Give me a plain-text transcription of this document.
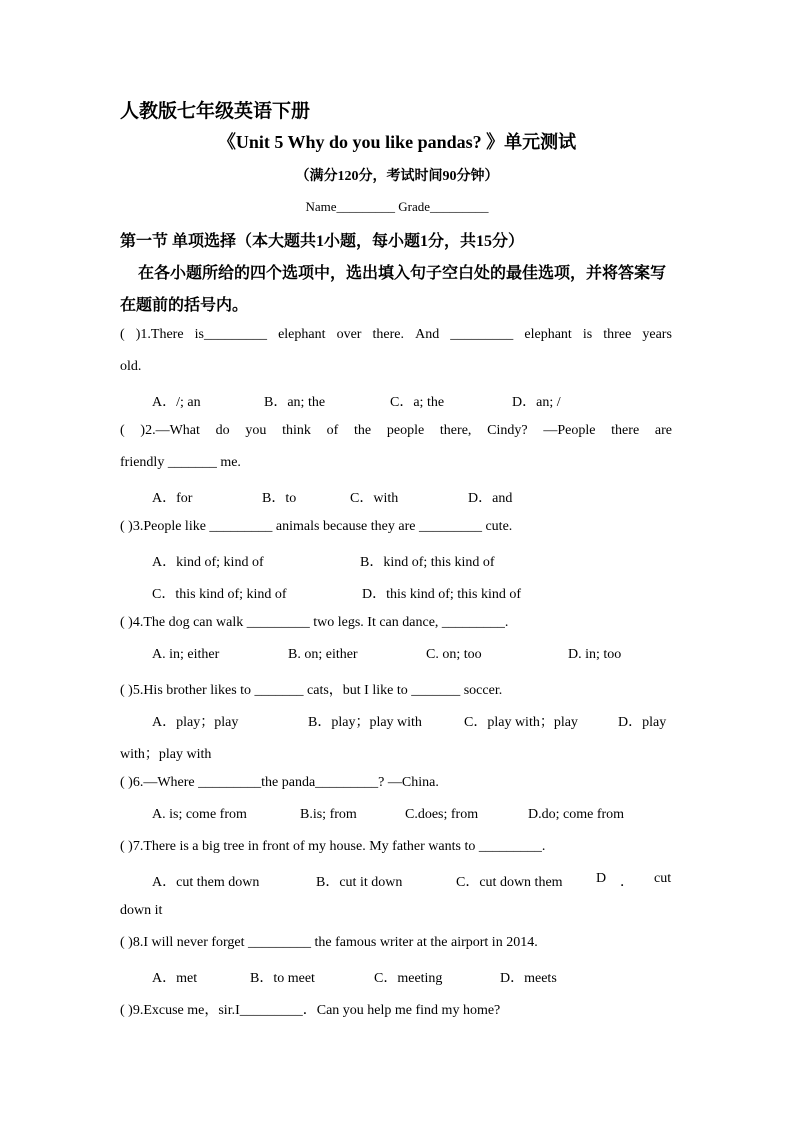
人教版七年级英语下册
《Unit 5 Why do you like pandas? 》单元测试
（满分120分，考试时间90分钟）
Name_________ Grade_________
第一节 单项选择（本大题共1小题，每小题1分，共15分）
在各小题所给的四个选项中，选出填入句子空白处的最佳选项，并将答案写
在题前的括号内。
( )1.There is_________ elephant over there. And _________ elephant is three years
old.
A．/; an	B．an; the	C．a; the	D．an; /
( )2.—What do you think of the people there, Cindy? —People there are
friendly _______ me.
A．for	B．to	C．with	D．and
( )3.People like _________ animals because they are _________ cute.
A．kind of; kind of	B．kind of; this kind of
C．this kind of; kind of	D．this kind of; this kind of
( )4.The dog can walk _________ two legs. It can dance, _________.
A. in; either	B. on; either	C. on; too	D. in; too
( )5.His brother likes to _______ cats，but I like to _______ soccer.
A．play；play	B．play；play with	C．play with；play	D．play
with；play with
( )6.—Where _________the panda_________? —China.
A. is; come from	B.is; from	C.does; from	D.do; come from
( )7.There is a big tree in front of my house. My father wants to _________.
A．cut them down	B．cut it down	C．cut down them D ． cut
down it
( )8.I will never forget _________ the famous writer at the airport in 2014.
A．met	B．to meet	C．meeting	D．meets
( )9.Excuse me，sir.I_________．Can you help me find my home?
